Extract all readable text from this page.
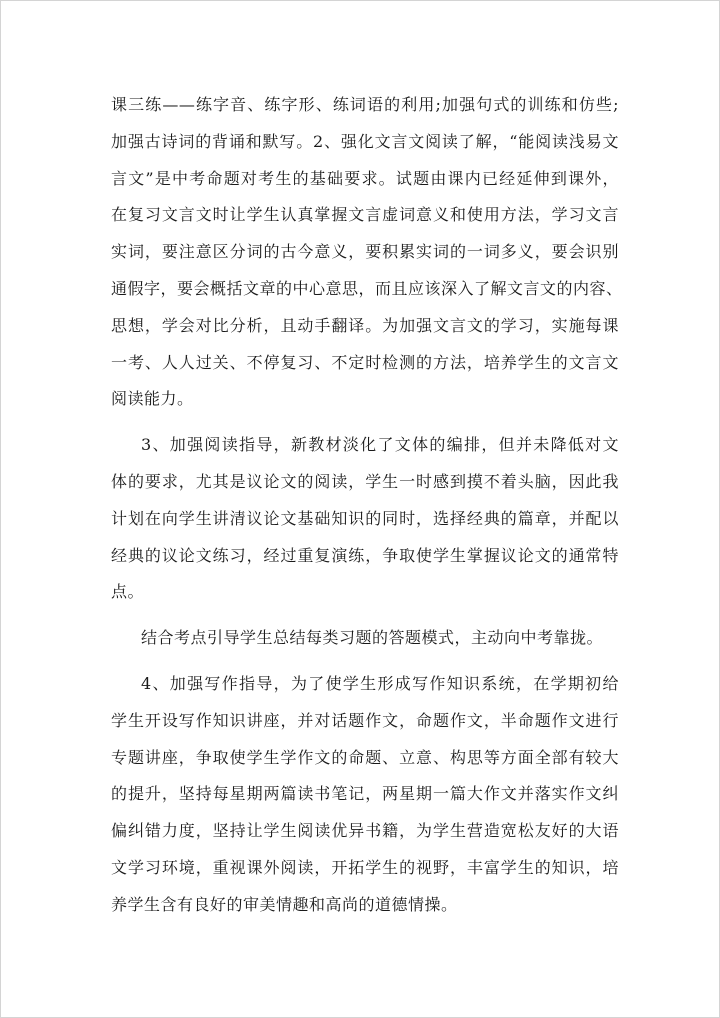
课三练——练字音、练字形、练词语的利用;加强句式的训练和仿些;
加强古诗词的背诵和默写。2、强化文言文阅读了解，“能阅读浅易文
言文”是中考命题对考生的基础要求。试题由课内已经延伸到课外，
在复习文言文时让学生认真掌握文言虚词意义和使用方法，学习文言
实词，要注意区分词的古今意义，要积累实词的一词多义，要会识别
通假字，要会概括文章的中心意思，而且应该深入了解文言文的内容、
思想，学会对比分析，且动手翻译。为加强文言文的学习，实施每课
一考、人人过关、不停复习、不定时检测的方法，培养学生的文言文
阅读能力。
3、加强阅读指导，新教材淡化了文体的编排，但并未降低对文
体的要求，尤其是议论文的阅读，学生一时感到摸不着头脑，因此我
计划在向学生讲清议论文基础知识的同时，选择经典的篇章，并配以
经典的议论文练习，经过重复演练，争取使学生掌握议论文的通常特
点。
结合考点引导学生总结每类习题的答题模式，主动向中考靠拢。
4、加强写作指导，为了使学生形成写作知识系统，在学期初给
学生开设写作知识讲座，并对话题作文，命题作文，半命题作文进行
专题讲座，争取使学生学作文的命题、立意、构思等方面全部有较大
的提升，坚持每星期两篇读书笔记，两星期一篇大作文并落实作文纠
偏纠错力度，坚持让学生阅读优异书籍，为学生营造宽松友好的大语
文学习环境，重视课外阅读，开拓学生的视野，丰富学生的知识，培
养学生含有良好的审美情趣和高尚的道德情操。
